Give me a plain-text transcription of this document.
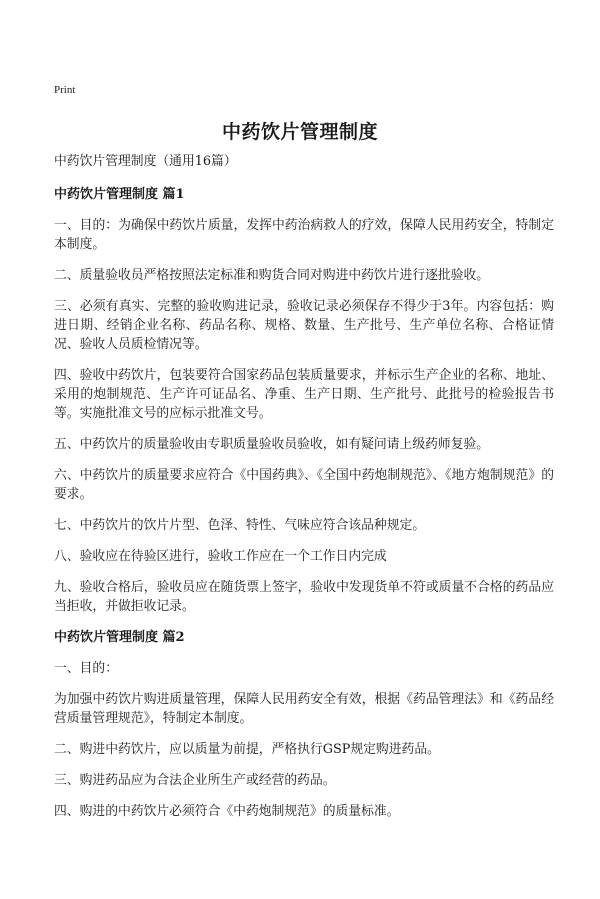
Print
中药饮片管理制度
中药饮片管理制度（通用16篇）
中药饮片管理制度 篇1

一、目的：为确保中药饮片质量，发挥中药治病救人的疗效，保障人民用药安全，特制定本制度。

二、质量验收员严格按照法定标准和购货合同对购进中药饮片进行逐批验收。

三、必须有真实、完整的验收购进记录，验收记录必须保存不得少于3年。内容包括：购进日期、经销企业名称、药品名称、规格、数量、生产批号、生产单位名称、合格证情况、验收人员质检情况等。

四、验收中药饮片，包装要符合国家药品包装质量要求，并标示生产企业的名称、地址、采用的炮制规范、生产许可证品名、净重、生产日期、生产批号、此批号的检验报告书等。实施批准文号的应标示批准文号。

五、中药饮片的质量验收由专职质量验收员验收，如有疑问请上级药师复验。

六、中药饮片的质量要求应符合《中国药典》、《全国中药炮制规范》、《地方炮制规范》的要求。

七、中药饮片的饮片片型、色泽、特性、气味应符合该品种规定。

八、验收应在待验区进行，验收工作应在一个工作日内完成

九、验收合格后，验收员应在随货票上签字，验收中发现货单不符或质量不合格的药品应当拒收，并做拒收记录。

中药饮片管理制度 篇2

一、目的：

为加强中药饮片购进质量管理，保障人民用药安全有效，根据《药品管理法》和《药品经营质量管理规范》，特制定本制度。

二、购进中药饮片，应以质量为前提，严格执行GSP规定购进药品。

三、购进药品应为合法企业所生产或经营的药品。

四、购进的中药饮片必须符合《中药炮制规范》的质量标准。
